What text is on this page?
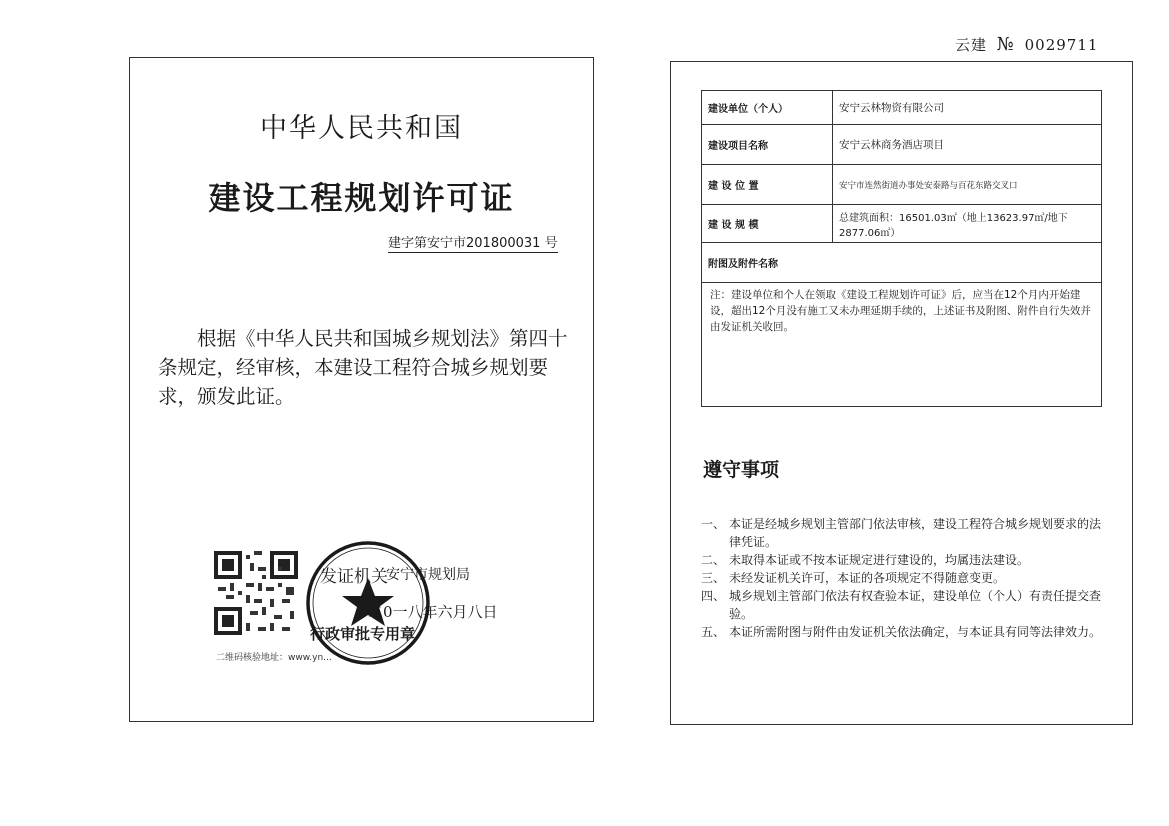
云建 № 0029711
中华人民共和国
建设工程规划许可证
建字第安宁市201800031 号
根据《中华人民共和国城乡规划法》第四十条规定，经审核，本建设工程符合城乡规划要求，颁发此证。
二维码核验地址：www.yn...
发证机关
安宁市规划局
二0一八年六月八日
行政审批专用章
建设单位（个人）	安宁云林物资有限公司
建设项目名称	安宁云林商务酒店项目
建 设 位 置	安宁市连然街道办事处安泰路与百花东路交叉口
建 设 规 模	总建筑面积：16501.03㎡（地上13623.97㎡/地下2877.06㎡）
附图及附件名称	

注：建设单位和个人在领取《建设工程规划许可证》后，应当在12个月内开始建设，超出12个月没有施工又未办理延期手续的，上述证书及附图、附件自行失效并由发证机关收回。	
遵守事项
一、 本证是经城乡规划主管部门依法审核，建设工程符合城乡规划要求的法律凭证。
二、 未取得本证或不按本证规定进行建设的，均属违法建设。
三、 未经发证机关许可，本证的各项规定不得随意变更。
四、 城乡规划主管部门依法有权查验本证，建设单位（个人）有责任提交查验。
五、 本证所需附图与附件由发证机关依法确定，与本证具有同等法律效力。
